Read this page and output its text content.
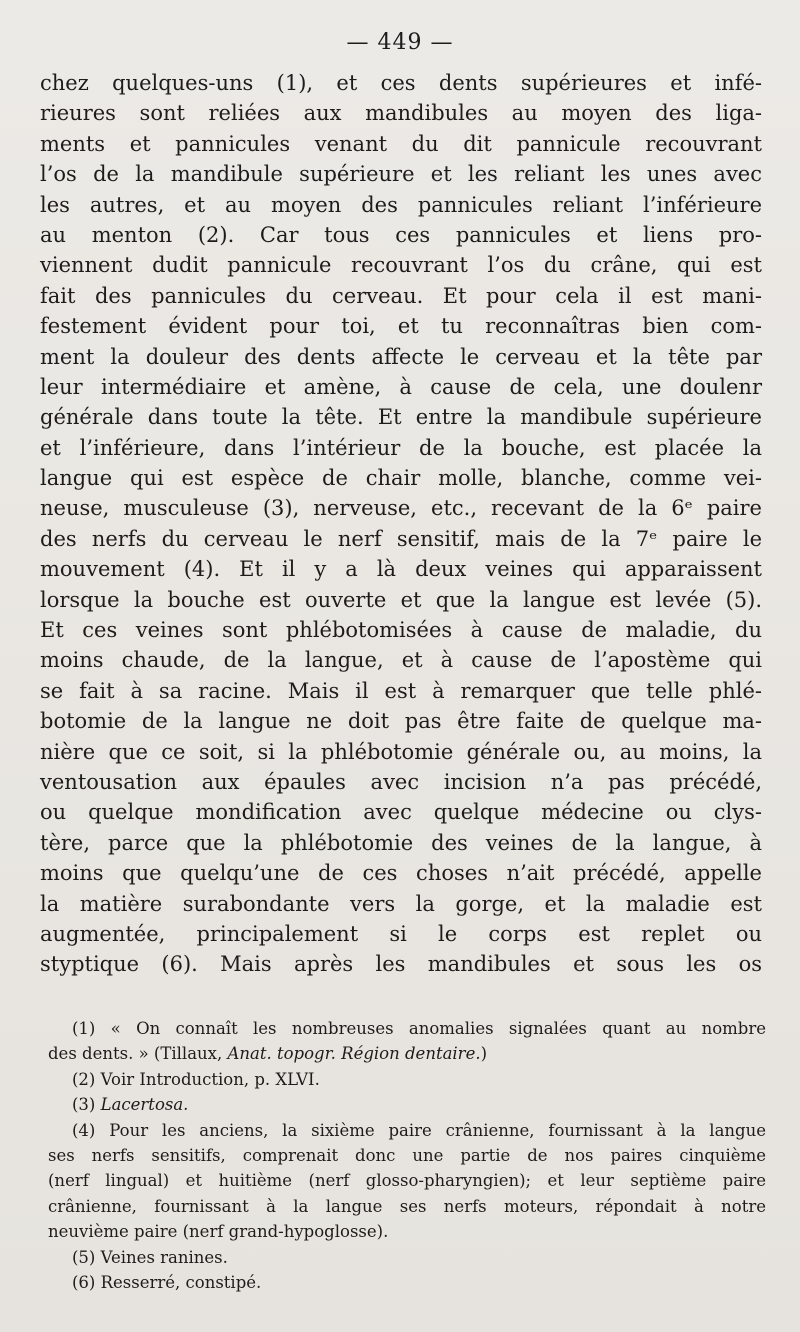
— 449 —
chez quelques-uns (1), et ces dents supérieures et infé-
rieures sont reliées aux mandibules au moyen des liga-
ments et pannicules venant du dit pannicule recouvrant
l’os de la mandibule supérieure et les reliant les unes avec
les autres, et au moyen des pannicules reliant l’inférieure
au menton (2). Car tous ces pannicules et liens pro-
viennent dudit pannicule recouvrant l’os du crâne, qui est
fait des pannicules du cerveau. Et pour cela il est mani-
festement évident pour toi, et tu reconnaîtras bien com-
ment la douleur des dents affecte le cerveau et la tête par
leur intermédiaire et amène, à cause de cela, une doulenr
générale dans toute la tête. Et entre la mandibule supérieure
et l’inférieure, dans l’intérieur de la bouche, est placée la
langue qui est espèce de chair molle, blanche, comme vei-
neuse, musculeuse (3), nerveuse, etc., recevant de la 6ᵉ paire
des nerfs du cerveau le nerf sensitif, mais de la 7ᵉ paire le
mouvement (4). Et il y a là deux veines qui apparaissent
lorsque la bouche est ouverte et que la langue est levée (5).
Et ces veines sont phlébotomisées à cause de maladie, du
moins chaude, de la langue, et à cause de l’apostème qui
se fait à sa racine. Mais il est à remarquer que telle phlé-
botomie de la langue ne doit pas être faite de quelque ma-
nière que ce soit, si la phlébotomie générale ou, au moins, la
ventousation aux épaules avec incision n’a pas précédé,
ou quelque mondification avec quelque médecine ou clys-
tère, parce que la phlébotomie des veines de la langue, à
moins que quelqu’une de ces choses n’ait précédé, appelle
la matière surabondante vers la gorge, et la maladie est
augmentée, principalement si le corps est replet ou
styptique (6). Mais après les mandibules et sous les os
(1) « On connaît les nombreuses anomalies signalées quant au nombre
des dents. » (Tillaux, Anat. topogr. Région dentaire.)
(2) Voir Introduction, p. XLVI.
(3) Lacertosa.
(4) Pour les anciens, la sixième paire crânienne, fournissant à la langue
ses nerfs sensitifs, comprenait donc une partie de nos paires cinquième
(nerf lingual) et huitième (nerf glosso-pharyngien); et leur septième paire
crânienne, fournissant à la langue ses nerfs moteurs, répondait à notre
neuvième paire (nerf grand-hypoglosse).
(5) Veines ranines.
(6) Resserré, constipé.
